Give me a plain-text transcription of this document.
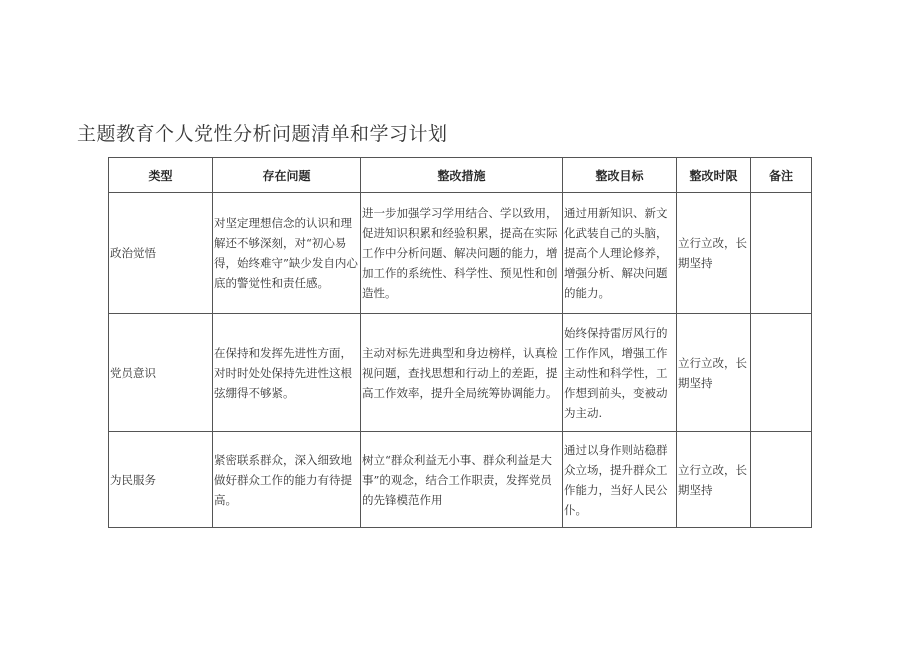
主题教育个人党性分析问题清单和学习计划
类型	存在问题	整改措施	整改目标	整改时限	备注
政治觉悟	对坚定理想信念的认识和理解还不够深刻，对“初心易得，始终难守”缺少发自内心底的警觉性和责任感。	进一步加强学习学用结合、学以致用，促进知识积累和经验积累，提高在实际工作中分析问题、解决问题的能力，增加工作的系统性、科学性、预见性和创造性。	通过用新知识、新文化武装自己的头脑，提高个人理论修养，增强分析、解决问题的能力。	立行立改，长期坚持	
党员意识	在保持和发挥先进性方面，对时时处处保持先进性这根弦绷得不够紧。	主动对标先进典型和身边榜样，认真检视问题，查找思想和行动上的差距，提高工作效率，提升全局统筹协调能力。	始终保持雷厉风行的工作作风，增强工作主动性和科学性，工作想到前头，变被动为主动.	立行立改，长期坚持	
为民服务	紧密联系群众，深入细致地做好群众工作的能力有待提高。	树立“群众利益无小事、群众利益是大事”的观念，结合工作职责，发挥党员的先锋模范作用	通过以身作则站稳群众立场，提升群众工作能力，当好人民公仆。	立行立改，长期坚持	
